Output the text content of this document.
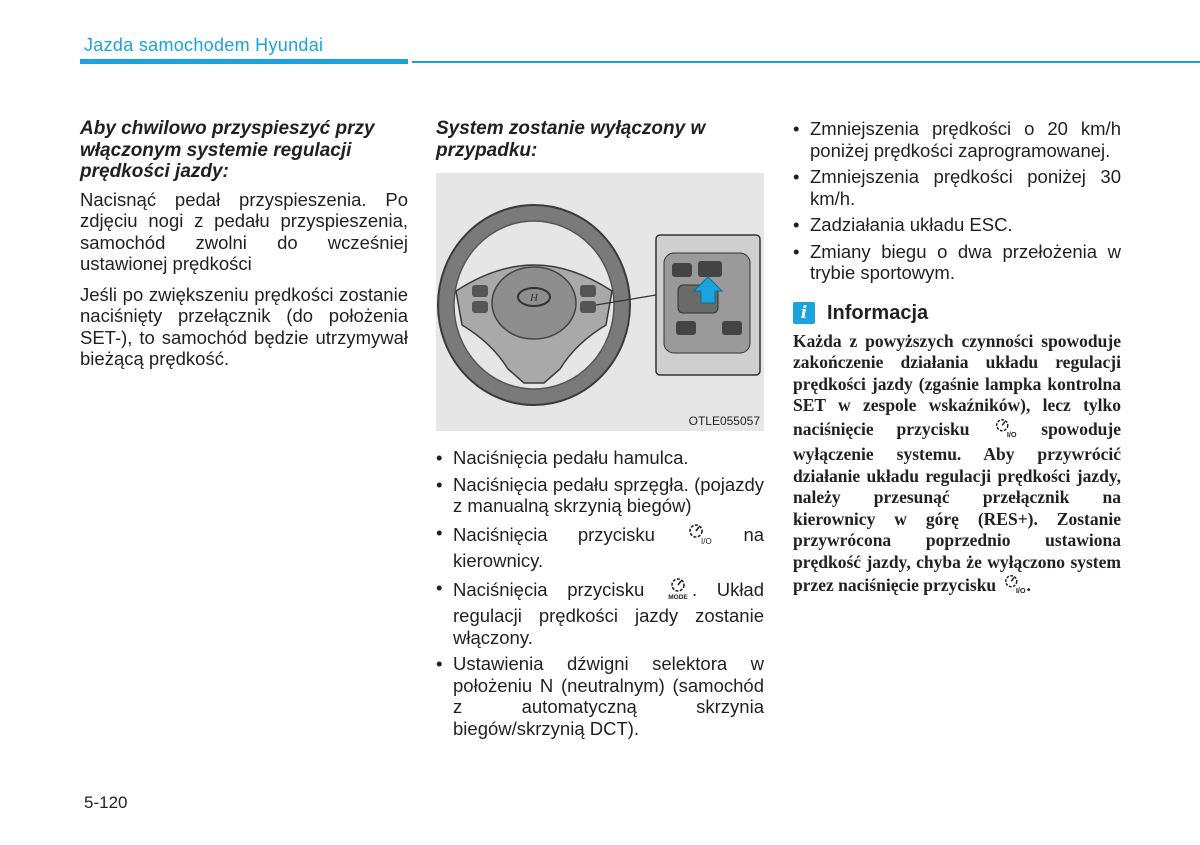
Jazda samochodem Hyundai

Aby chwilowo przyspieszyć przy włączonym systemie regulacji prędkości jazdy:

Nacisnąć pedał przyspieszenia. Po zdjęciu nogi z pedału przyspieszenia, samochód zwolni do wcześniej ustawionej prędkości

Jeśli po zwiększeniu prędkości zostanie naciśnięty przełącznik (do położenia SET-), to samochód będzie utrzymywał bieżącą prędkość.

System zostanie wyłączony w przypadku:

H
OTLE055057
• Naciśnięcia pedału hamulca.
• Naciśnięcia pedału sprzęgła. (pojazdy z manualną skrzynią biegów)
• Naciśnięcia przycisku	I/O na kierownicy.
• Naciśnięcia przycisku	MODE . Układ regulacji prędkości jazdy zostanie włączony.
• Ustawienia dźwigni selektora w położeniu N (neutralnym) (samochód z automatyczną skrzynia biegów/skrzynią DCT).
• Zmniejszenia prędkości o 20 km/h poniżej prędkości zaprogramowanej.
• Zmniejszenia prędkości poniżej 30 km/h.
• Zadziałania układu ESC.
• Zmiany biegu o dwa przełożenia w trybie sportowym.
i Informacja
Każda z powyższych czynności spowoduje zakończenie działania układu regulacji prędkości jazdy (zgaśnie lampka kontrolna SET w zespole wskaźników), lecz tylko naciśnięcie przycisku	I/O spowoduje wyłączenie systemu. Aby przywrócić działanie układu regulacji prędkości jazdy, należy przesunąć przełącznik na kierownicy w górę (RES+). Zostanie przywrócona poprzednio ustawiona prędkość jazdy, chyba że wyłączono system przez naciśnięcie przycisku I/O .
5-120
